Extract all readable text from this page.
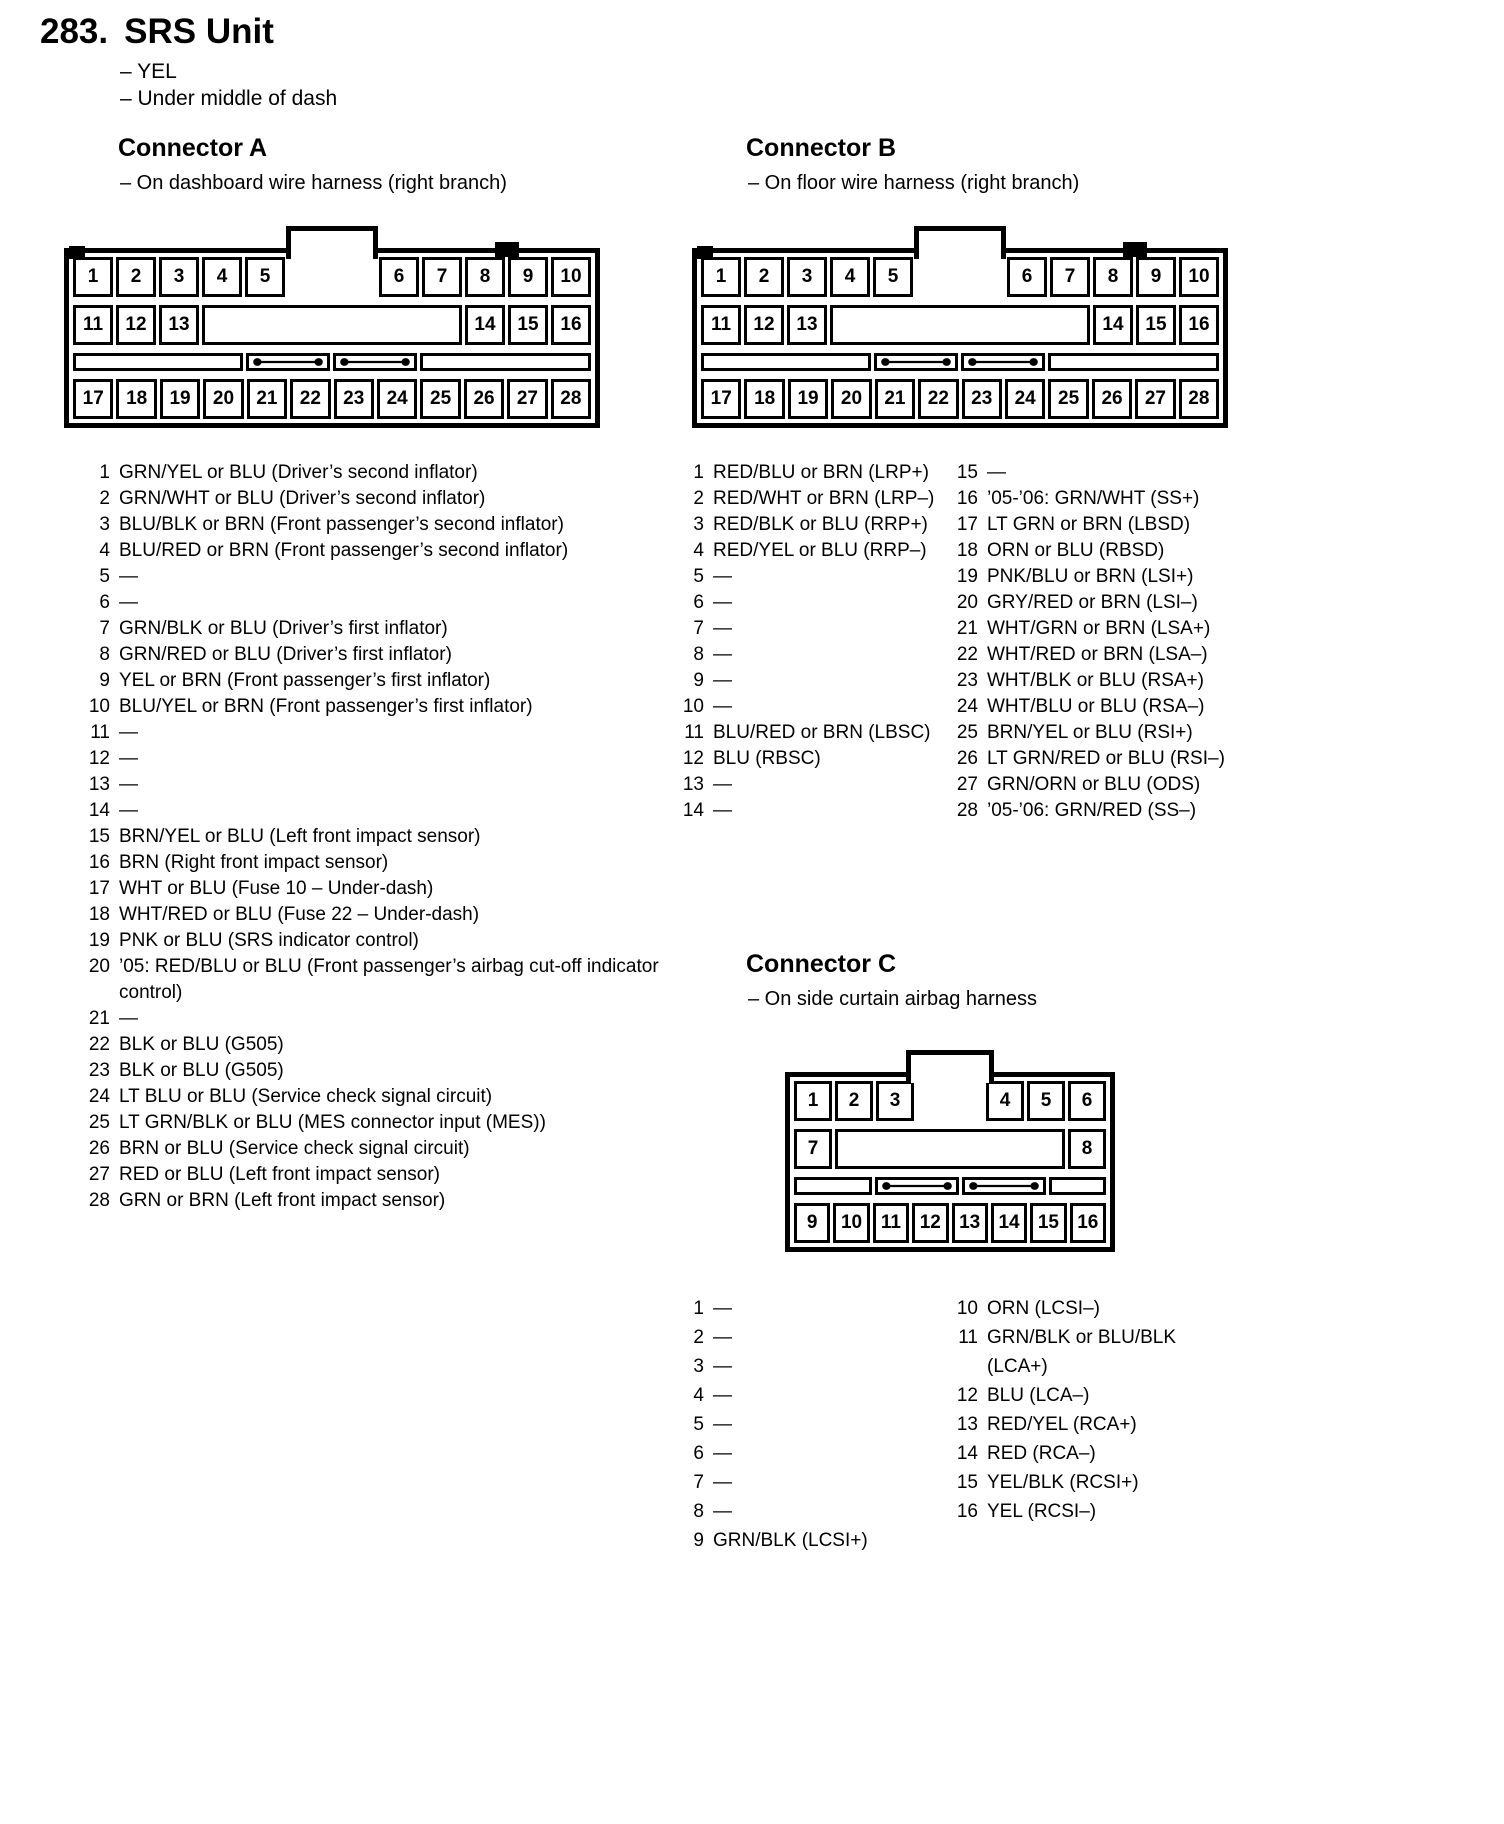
283. SRS Unit
– YEL
– Under middle of dash
Connector A
– On dashboard wire harness (right branch)
1	2	3	4	5	6	7	8	9	10
11	12	13	14	15	16
17	18	19	20	21	22	23	24	25	26	27	28
1 GRN/YEL or BLU (Driver’s second inflator)
2 GRN/WHT or BLU (Driver’s second inflator)
3 BLU/BLK or BRN (Front passenger’s second inflator)
4 BLU/RED or BRN (Front passenger’s second inflator)
5 —
6 —
7 GRN/BLK or BLU (Driver’s first inflator)
8 GRN/RED or BLU (Driver’s first inflator)
9 YEL or BRN (Front passenger’s first inflator)
10 BLU/YEL or BRN (Front passenger’s first inflator)
11 —
12 —
13 —
14 —
15 BRN/YEL or BLU (Left front impact sensor)
16 BRN (Right front impact sensor)
17 WHT or BLU (Fuse 10 – Under-dash)
18 WHT/RED or BLU (Fuse 22 – Under-dash)
19 PNK or BLU (SRS indicator control)
20 ’05: RED/BLU or BLU (Front passenger’s airbag cut-off indicator control)
21 —
22 BLK or BLU (G505)
23 BLK or BLU (G505)
24 LT BLU or BLU (Service check signal circuit)
25 LT GRN/BLK or BLU (MES connector input (MES))
26 BRN or BLU (Service check signal circuit)
27 RED or BLU (Left front impact sensor)
28 GRN or BRN (Left front impact sensor)
Connector B
– On floor wire harness (right branch)
1	2	3	4	5	6	7	8	9	10
11	12	13	14	15	16
17	18	19	20	21	22	23	24	25	26	27	28
1 RED/BLU or BRN (LRP+)
2 RED/WHT or BRN (LRP–)
3 RED/BLK or BLU (RRP+)
4 RED/YEL or BLU (RRP–)
5 —
6 —
7 —
8 —
9 —
10 —
11 BLU/RED or BRN (LBSC)
12 BLU (RBSC)
13 —
14 —
15 —
16 ’05-’06: GRN/WHT (SS+)
17 LT GRN or BRN (LBSD)
18 ORN or BLU (RBSD)
19 PNK/BLU or BRN (LSI+)
20 GRY/RED or BRN (LSI–)
21 WHT/GRN or BRN (LSA+)
22 WHT/RED or BRN (LSA–)
23 WHT/BLK or BLU (RSA+)
24 WHT/BLU or BLU (RSA–)
25 BRN/YEL or BLU (RSI+)
26 LT GRN/RED or BLU (RSI–)
27 GRN/ORN or BLU (ODS)
28 ’05-’06: GRN/RED (SS–)
Connector C
– On side curtain airbag harness
1	2	3	4	5	6
7	8
9	10 11 12 13 14 15 16
1 —
2 —
3 —
4 —
5 —
6 —
7 —
8 —
9 GRN/BLK (LCSI+)
10 ORN (LCSI–)
11 GRN/BLK or BLU/BLK (LCA+)
12 BLU (LCA–)
13 RED/YEL (RCA+)
14 RED (RCA–)
15 YEL/BLK (RCSI+)
16 YEL (RCSI–)
